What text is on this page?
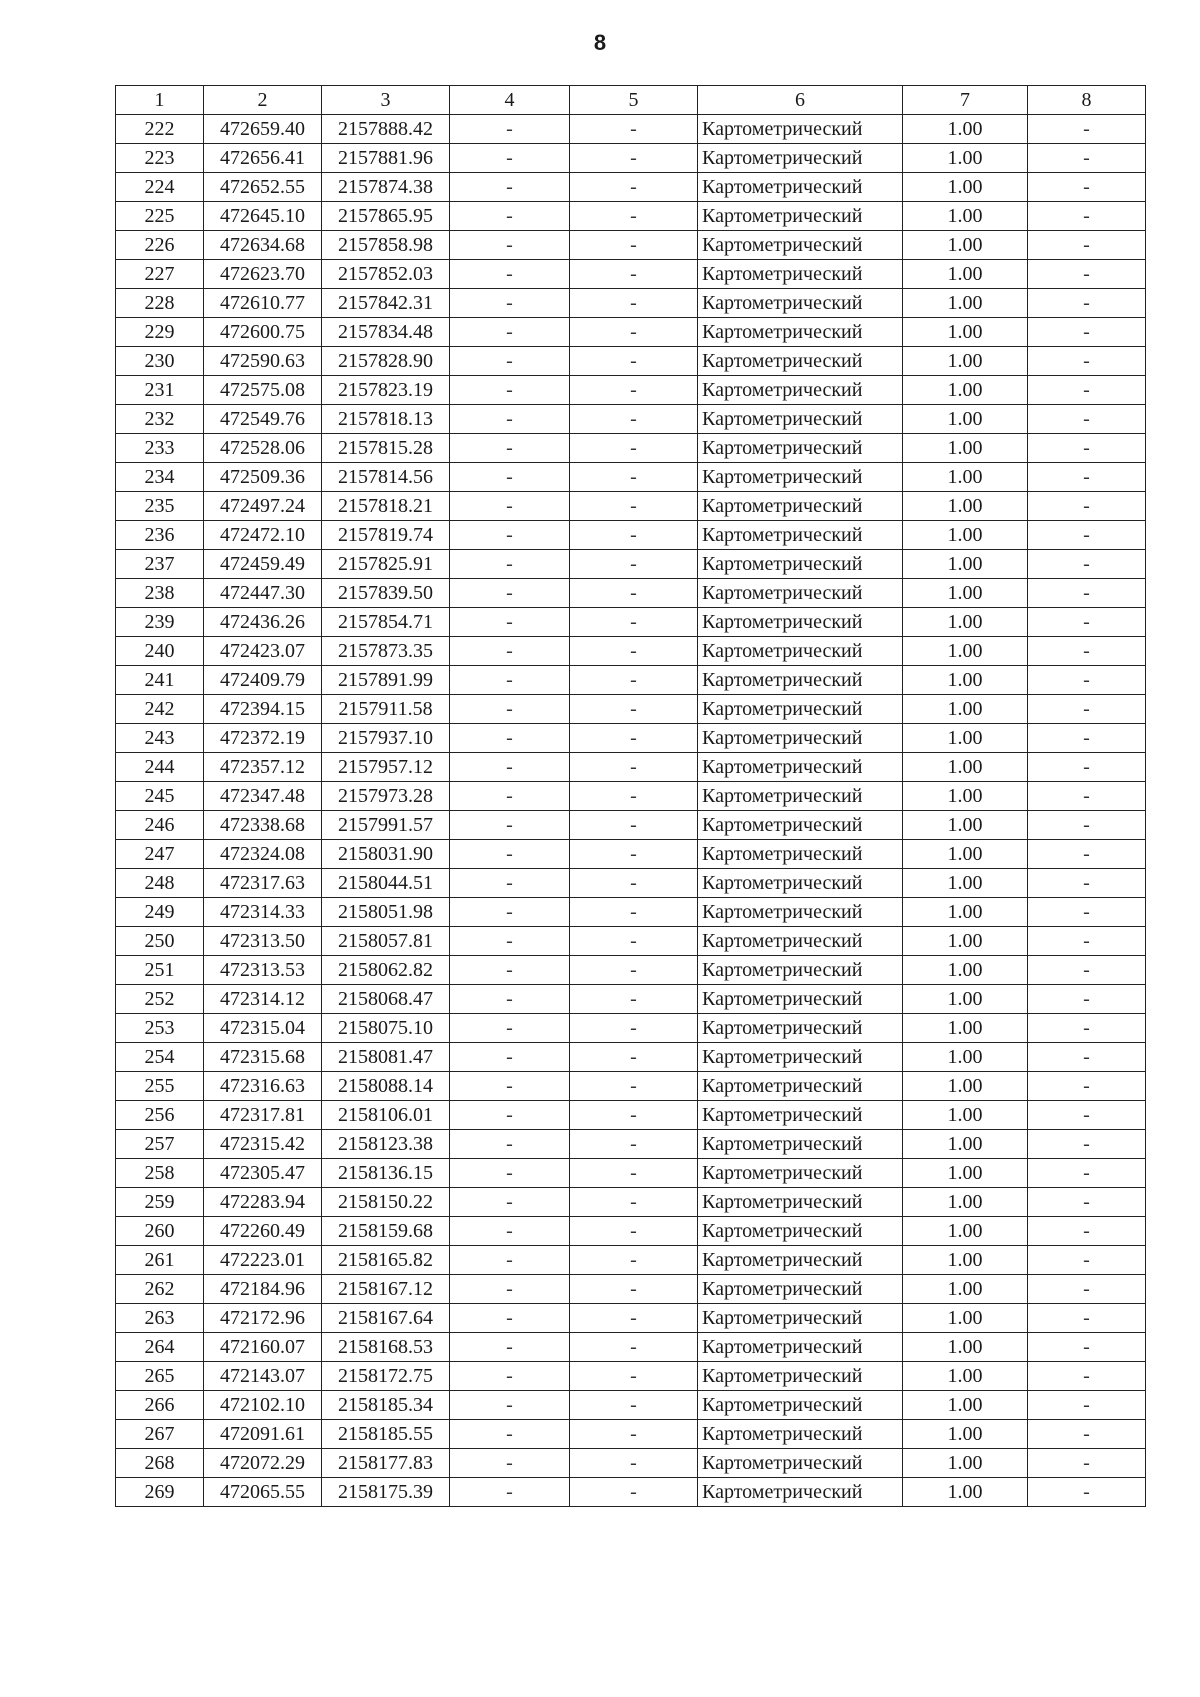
8
1	2	3	4	5	6	7	8
222	472659.40	2157888.42	-	-	Картометрический	1.00	-
223	472656.41	2157881.96	-	-	Картометрический	1.00	-
224	472652.55	2157874.38	-	-	Картометрический	1.00	-
225	472645.10	2157865.95	-	-	Картометрический	1.00	-
226	472634.68	2157858.98	-	-	Картометрический	1.00	-
227	472623.70	2157852.03	-	-	Картометрический	1.00	-
228	472610.77	2157842.31	-	-	Картометрический	1.00	-
229	472600.75	2157834.48	-	-	Картометрический	1.00	-
230	472590.63	2157828.90	-	-	Картометрический	1.00	-
231	472575.08	2157823.19	-	-	Картометрический	1.00	-
232	472549.76	2157818.13	-	-	Картометрический	1.00	-
233	472528.06	2157815.28	-	-	Картометрический	1.00	-
234	472509.36	2157814.56	-	-	Картометрический	1.00	-
235	472497.24	2157818.21	-	-	Картометрический	1.00	-
236	472472.10	2157819.74	-	-	Картометрический	1.00	-
237	472459.49	2157825.91	-	-	Картометрический	1.00	-
238	472447.30	2157839.50	-	-	Картометрический	1.00	-
239	472436.26	2157854.71	-	-	Картометрический	1.00	-
240	472423.07	2157873.35	-	-	Картометрический	1.00	-
241	472409.79	2157891.99	-	-	Картометрический	1.00	-
242	472394.15	2157911.58	-	-	Картометрический	1.00	-
243	472372.19	2157937.10	-	-	Картометрический	1.00	-
244	472357.12	2157957.12	-	-	Картометрический	1.00	-
245	472347.48	2157973.28	-	-	Картометрический	1.00	-
246	472338.68	2157991.57	-	-	Картометрический	1.00	-
247	472324.08	2158031.90	-	-	Картометрический	1.00	-
248	472317.63	2158044.51	-	-	Картометрический	1.00	-
249	472314.33	2158051.98	-	-	Картометрический	1.00	-
250	472313.50	2158057.81	-	-	Картометрический	1.00	-
251	472313.53	2158062.82	-	-	Картометрический	1.00	-
252	472314.12	2158068.47	-	-	Картометрический	1.00	-
253	472315.04	2158075.10	-	-	Картометрический	1.00	-
254	472315.68	2158081.47	-	-	Картометрический	1.00	-
255	472316.63	2158088.14	-	-	Картометрический	1.00	-
256	472317.81	2158106.01	-	-	Картометрический	1.00	-
257	472315.42	2158123.38	-	-	Картометрический	1.00	-
258	472305.47	2158136.15	-	-	Картометрический	1.00	-
259	472283.94	2158150.22	-	-	Картометрический	1.00	-
260	472260.49	2158159.68	-	-	Картометрический	1.00	-
261	472223.01	2158165.82	-	-	Картометрический	1.00	-
262	472184.96	2158167.12	-	-	Картометрический	1.00	-
263	472172.96	2158167.64	-	-	Картометрический	1.00	-
264	472160.07	2158168.53	-	-	Картометрический	1.00	-
265	472143.07	2158172.75	-	-	Картометрический	1.00	-
266	472102.10	2158185.34	-	-	Картометрический	1.00	-
267	472091.61	2158185.55	-	-	Картометрический	1.00	-
268	472072.29	2158177.83	-	-	Картометрический	1.00	-
269	472065.55	2158175.39	-	-	Картометрический	1.00	-
